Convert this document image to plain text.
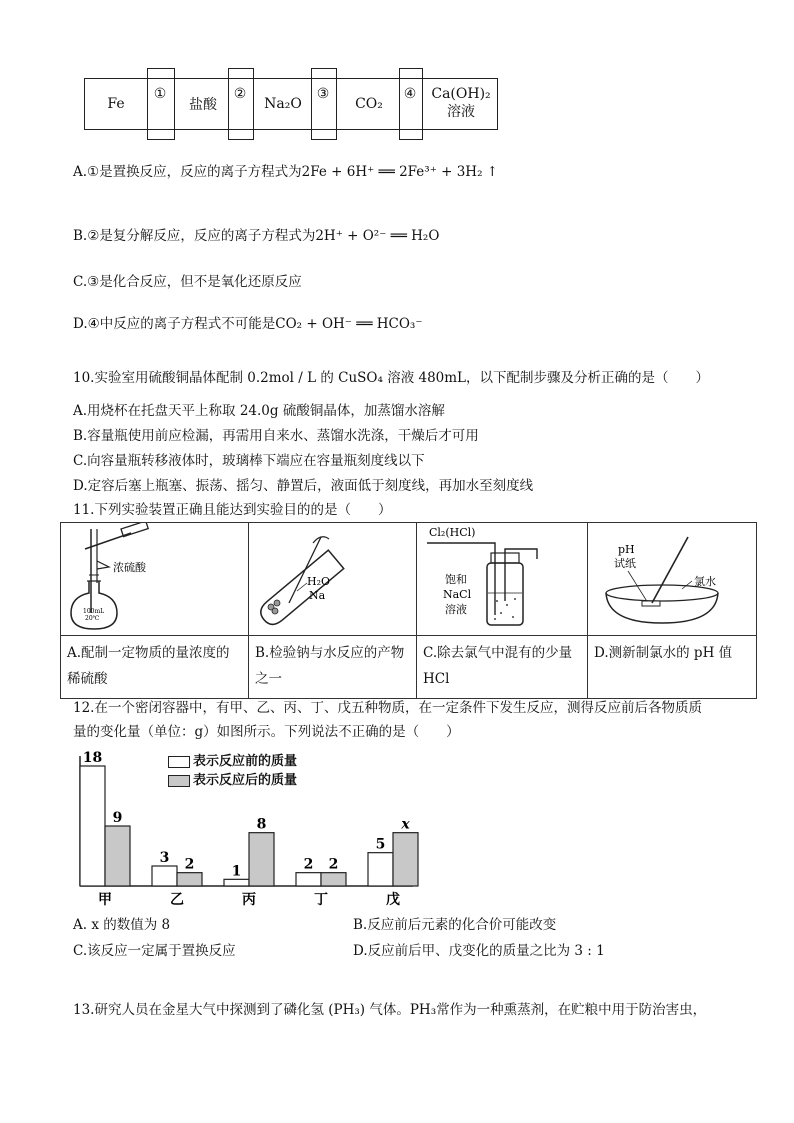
Fe	盐酸	Na₂O	CO₂
Ca(OH)₂
溶液
①	②	③	④
A.①是置换反应，反应的离子方程式为2Fe + 6H⁺ ══ 2Fe³⁺ + 3H₂ ↑
B.②是复分解反应，反应的离子方程式为2H⁺ + O²⁻ ══ H₂O
C.③是化合反应，但不是氧化还原反应
D.④中反应的离子方程式不可能是CO₂ + OH⁻ ══ HCO₃⁻
10.实验室用硫酸铜晶体配制 0.2mol / L 的 CuSO₄ 溶液 480mL，以下配制步骤及分析正确的是（　　）
A.用烧杯在托盘天平上称取 24.0g 硫酸铜晶体，加蒸馏水溶解
B.容量瓶使用前应检漏，再需用自来水、蒸馏水洗涤，干燥后才可用
C.向容量瓶转移液体时，玻璃棒下端应在容量瓶刻度线以下
D.定容后塞上瓶塞、振荡、摇匀、静置后，液面低于刻度线，再加水至刻度线
11.下列实验装置正确且能达到实验目的的是（　　）
浓硫酸
100mL
20℃	H₂O
Na	Cl₂(HCl)
饱和
NaCl
溶液	pH
试纸
氯水

A.配制一定物质的量浓度的稀硫酸	B.检验钠与水反应的产物之一	C.除去氯气中混有的少量 HCl	D.测新制氯水的 pH 值
12.在一个密闭容器中，有甲、乙、丙、丁、戊五种物质，在一定条件下发生反应，测得反应前后各物质质
量的变化量（单位：g）如图所示。下列说法不正确的是（　　）
表示反应前的质量
表示反应后的质量
18
9
甲
3 2
乙
1
8
丙
2 2
丁
5
x
戊
A. x 的数值为 8	B.反应前后元素的化合价可能改变
C.该反应一定属于置换反应	D.反应前后甲、戊变化的质量之比为 3 : 1
13.研究人员在金星大气中探测到了磷化氢 (PH₃) 气体。PH₃常作为一种熏蒸剂，在贮粮中用于防治害虫，
